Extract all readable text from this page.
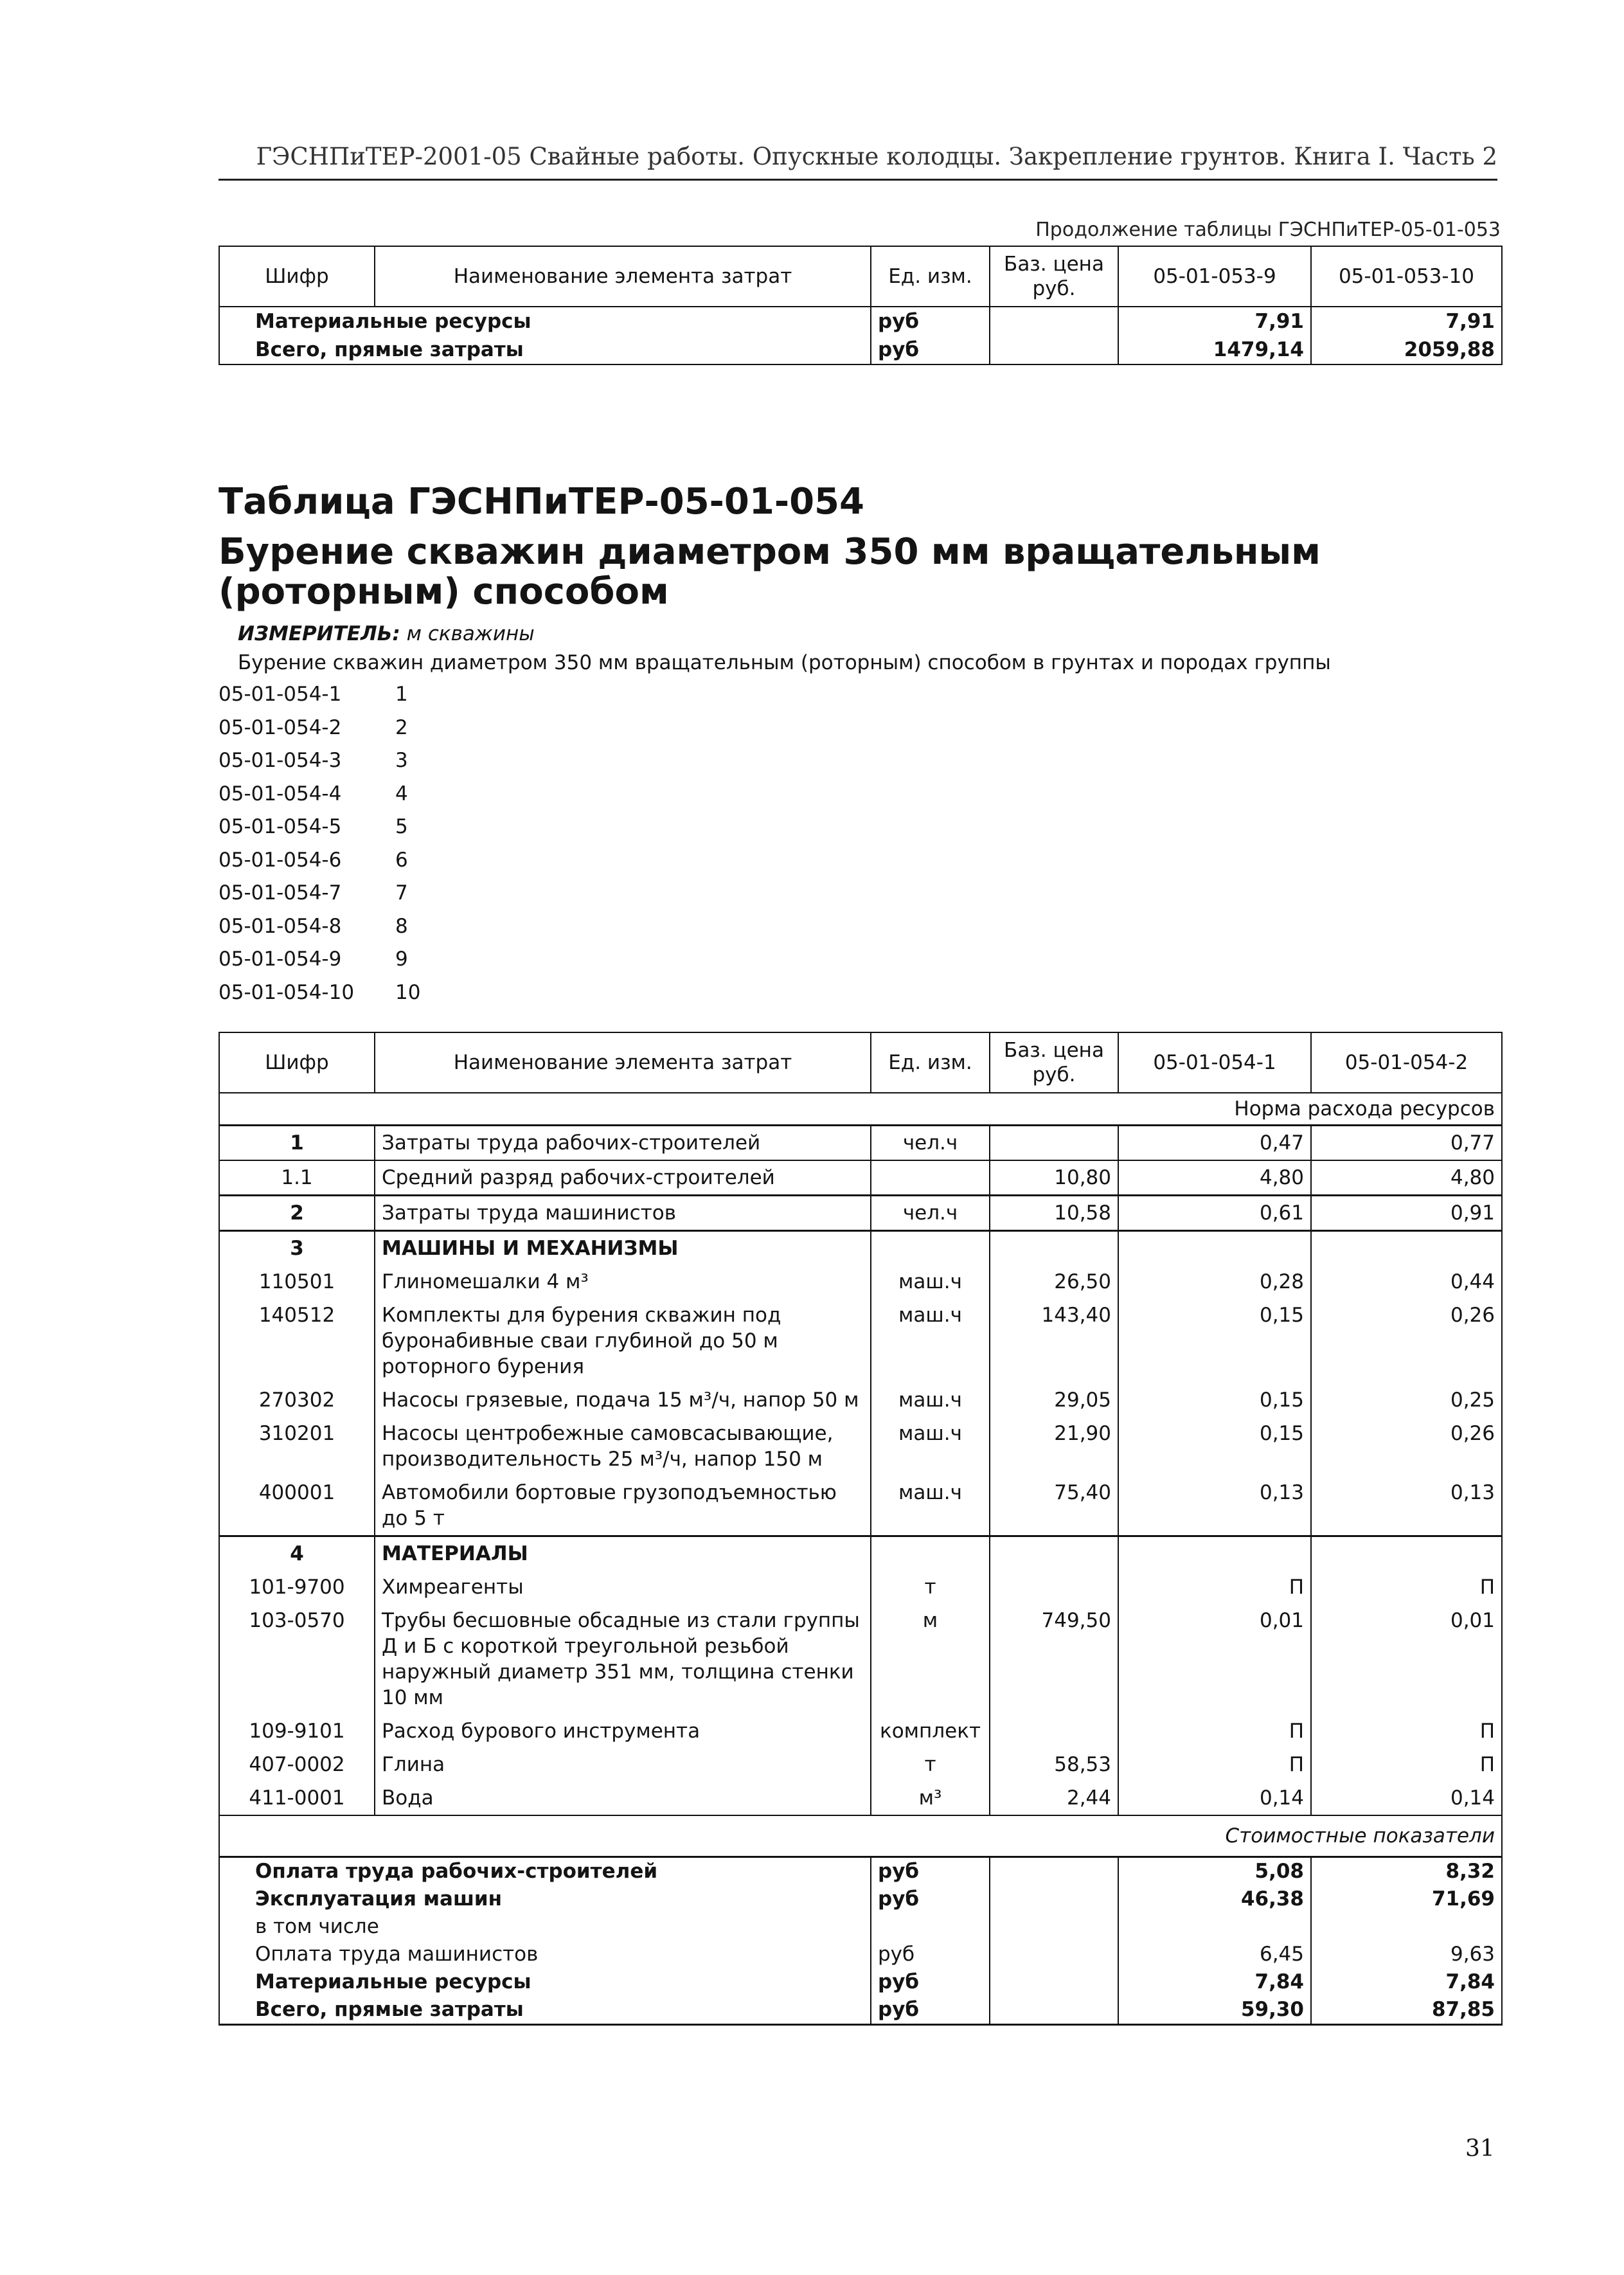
ГЭСНПиТЕР-2001-05 Свайные работы. Опускные колодцы. Закрепление грунтов. Книга I. Часть 2
Продолжение таблицы ГЭСНПиТЕР-05-01-053
Шифр	Наименование элемента затрат	Ед. изм.	Баз. цена руб.	05-01-053-9	05-01-053-10
Материальные ресурсы		руб		7,91	7,91
Всего, прямые затраты		руб		1479,14	2059,88
Таблица ГЭСНПиТЕР-05-01-054
Бурение скважин диаметром 350 мм вращательным (роторным) способом
ИЗМЕРИТЕЛЬ: м скважины
Бурение скважин диаметром 350 мм вращательным (роторным) способом в грунтах и породах группы
05-01-054-1	1
05-01-054-2	2
05-01-054-3	3
05-01-054-4	4
05-01-054-5	5
05-01-054-6	6
05-01-054-7	7
05-01-054-8	8
05-01-054-9	9
05-01-054-10 10
Шифр	Наименование элемента затрат	Ед. изм.	Баз. цена руб.	05-01-054-1	05-01-054-2
Норма расхода ресурсов					
1	Затраты труда рабочих-строителей	чел.ч		0,47	0,77
1.1	Средний разряд рабочих-строителей		10,80	4,80	4,80
2	Затраты труда машинистов	чел.ч	10,58	0,61	0,91
3	МАШИНЫ И МЕХАНИЗМЫ				
110501	Глиномешалки 4 м³	маш.ч	26,50	0,28	0,44
140512	Комплекты для бурения скважин под буронабивные сваи глубиной до 50 м роторного бурения	маш.ч	143,40	0,15	0,26
270302	Насосы грязевые, подача 15 м³/ч, напор 50 м	маш.ч	29,05	0,15	0,25
310201	Насосы центробежные самовсасывающие, производительность 25 м³/ч, напор 150 м	маш.ч	21,90	0,15	0,26
400001	Автомобили бортовые грузоподъемностью до 5 т	маш.ч	75,40	0,13	0,13
4	МАТЕРИАЛЫ				
101-9700	Химреагенты	т		П	П
103-0570	Трубы бесшовные обсадные из стали группы Д и Б с короткой треугольной резьбой наружный диаметр 351 мм, толщина стенки 10 мм	м	749,50	0,01	0,01
109-9101	Расход бурового инструмента	комплект		П	П
407-0002	Глина	т	58,53	П	П
411-0001	Вода	м³	2,44	0,14	0,14
Стоимостные показатели					
Оплата труда рабочих-строителей		руб		5,08	8,32
Эксплуатация машин		руб		46,38	71,69
в том числе					
Оплата труда машинистов		руб		6,45	9,63
Материальные ресурсы		руб		7,84	7,84
Всего, прямые затраты		руб		59,30	87,85
31
